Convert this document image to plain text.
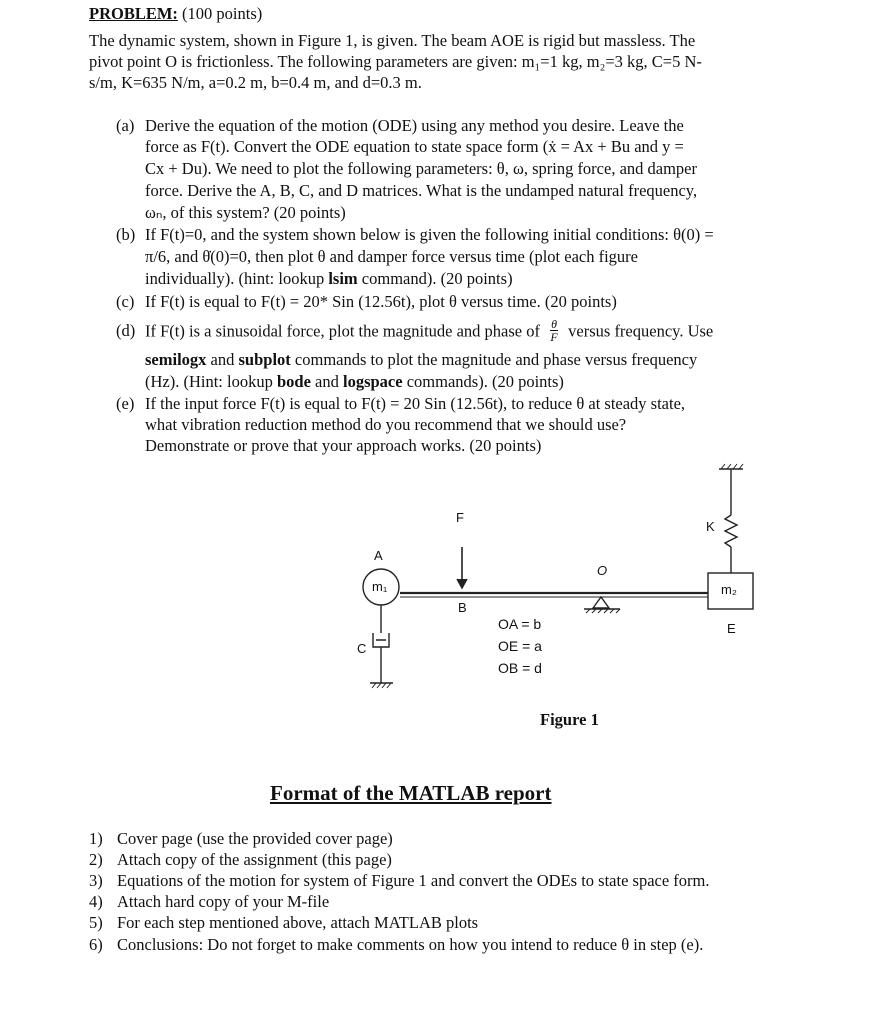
PROBLEM: (100 points)
The dynamic system, shown in Figure 1, is given. The beam AOE is rigid but massless. The
pivot point O is frictionless. The following parameters are given: m₁=1 kg, m₂=3 kg, C=5 N-
s/m, K=635 N/m, a=0.2 m, b=0.4 m, and d=0.3 m.
(a) Derive the equation of the motion (ODE) using any method you desire. Leave the
force as F(t). Convert the ODE equation to state space form (ẋ = Ax + Bu and y =
Cx + Du). We need to plot the following parameters: θ, ω, spring force, and damper
force. Derive the A, B, C, and D matrices. What is the undamped natural frequency,
ωₙ, of this system? (20 points)
(b) If F(t)=0, and the system shown below is given the following initial conditions: θ(0) =
π/6, and θ̇(0)=0, then plot θ and damper force versus time (plot each figure
individually). (hint: lookup lsim command). (20 points)
(c) If F(t) is equal to F(t) = 20* Sin (12.56t), plot θ versus time. (20 points)
(d) If F(t) is a sinusoidal force, plot the magnitude and phase of $\frac{\theta}{F}$ versus frequency. Use
semilogx and subplot commands to plot the magnitude and phase versus frequency
(Hz). (Hint: lookup bode and logspace commands). (20 points)
(e) If the input force F(t) is equal to F(t) = 20 Sin (12.56t), to reduce θ at steady state,
what vibration reduction method do you recommend that we should use?
Demonstrate or prove that your approach works. (20 points)
F
A
m₁
B
O
K
m₂
E
C
OA = b
OE = a
OB = d
Figure 1
Format of the MATLAB report
1) Cover page (use the provided cover page)
2) Attach copy of the assignment (this page)
3) Equations of the motion for system of Figure 1 and convert the ODEs to state space form.
4) Attach hard copy of your M-file
5) For each step mentioned above, attach MATLAB plots
6) Conclusions: Do not forget to make comments on how you intend to reduce θ in step (e).
